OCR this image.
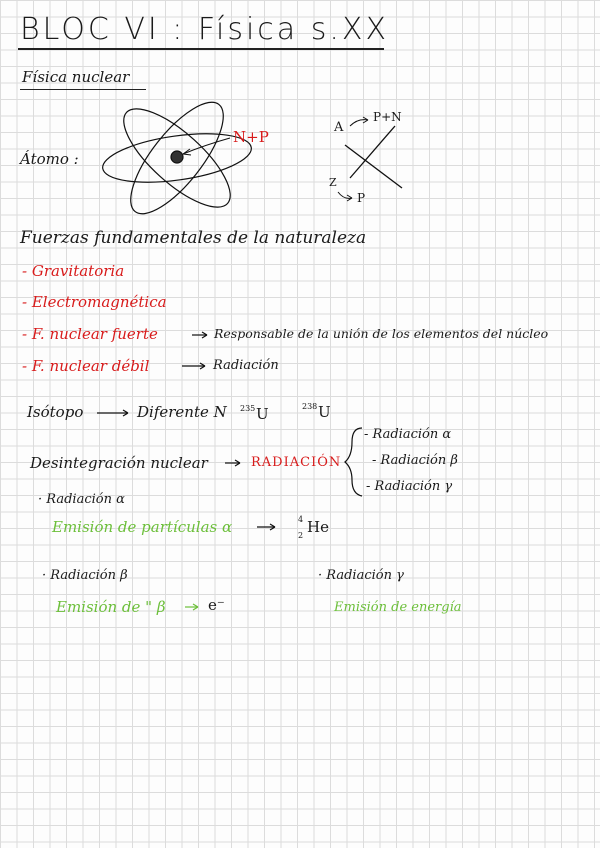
BLOC VI : Física s.XX
Física nuclear
Átomo :
N+P
A
P+N
Z
P
Fuerzas fundamentales de la naturaleza
- Gravitatoria
- Electromagnética
- F. nuclear fuerte	Responsable de la unión de los elementos del núcleo
- F. nuclear débil	Radiación
Isótopo	Diferente N 235 U	238 U
Desintegración nuclear	RADIACIÓN
- Radiación α
- Radiación β
- Radiación γ
· Radiación α
Emisión de partículas α	4
2 He
· Radiación β
Emisión de " β	e⁻
· Radiación γ
Emisión de energía
